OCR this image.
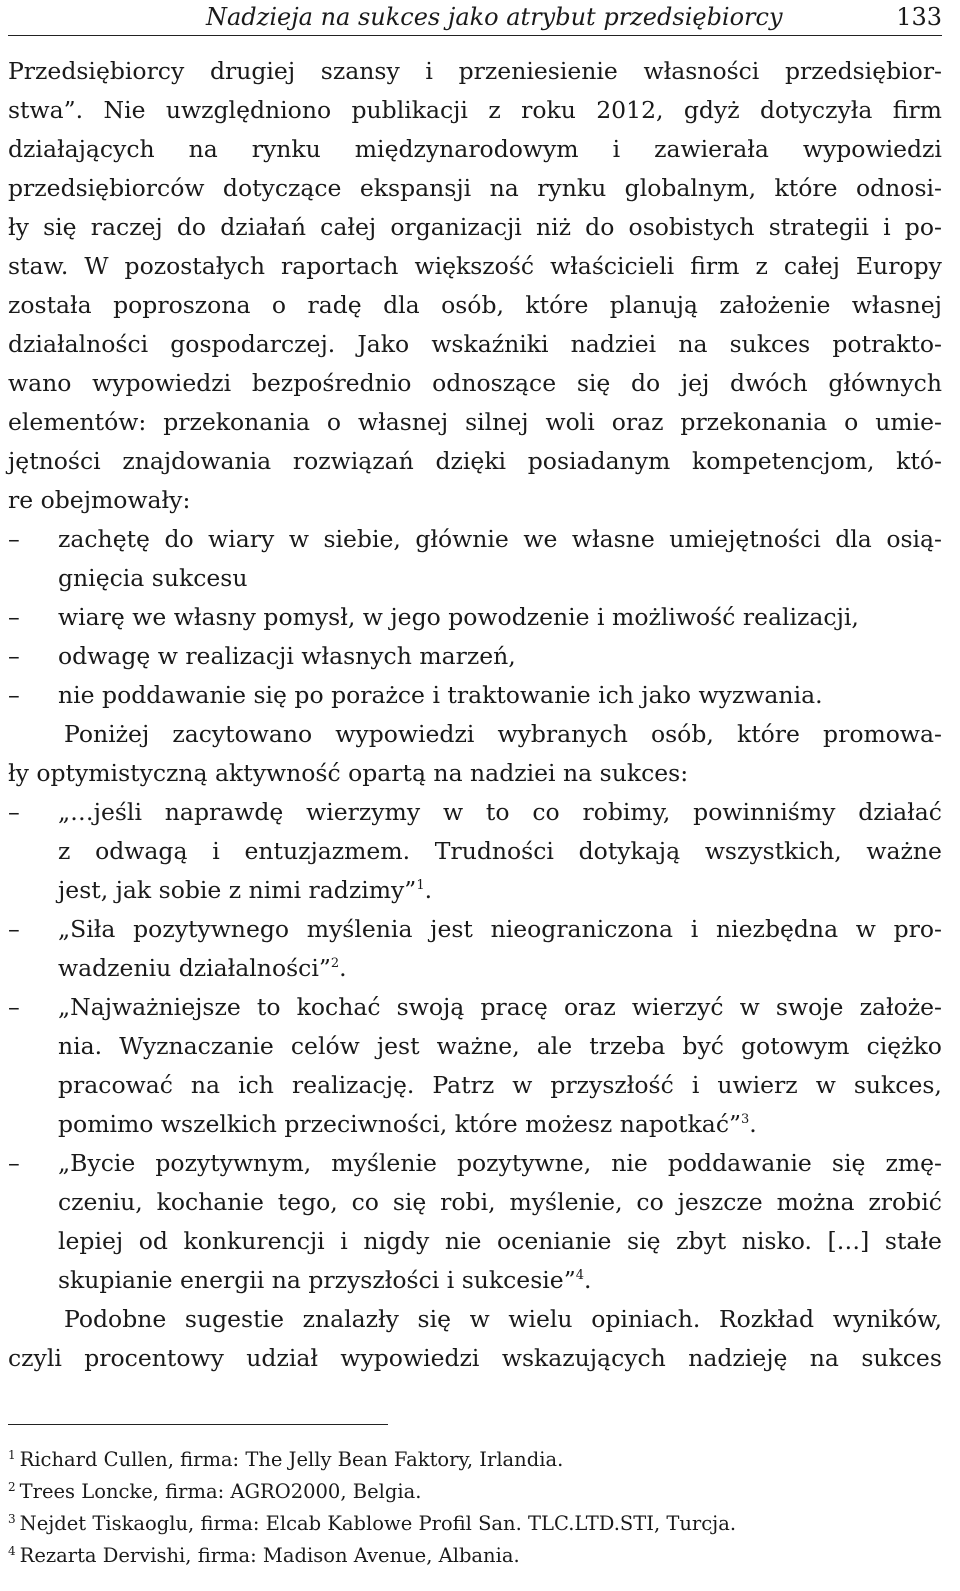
Nadzieja na sukces jako atrybut przedsiębiorcy	133
Przedsiębiorcy drugiej szansy i przeniesienie własności przedsiębior-
stwa”. Nie uwzględniono publikacji z roku 2012, gdyż dotyczyła firm
działających na rynku międzynarodowym i zawierała wypowiedzi
przedsiębiorców dotyczące ekspansji na rynku globalnym, które odnosi-
ły się raczej do działań całej organizacji niż do osobistych strategii i po-
staw. W pozostałych raportach większość właścicieli firm z całej Europy
została poproszona o radę dla osób, które planują założenie własnej
działalności gospodarczej. Jako wskaźniki nadziei na sukces potrakto-
wano wypowiedzi bezpośrednio odnoszące się do jej dwóch głównych
elementów: przekonania o własnej silnej woli oraz przekonania o umie-
jętności znajdowania rozwiązań dzięki posiadanym kompetencjom, któ-
re obejmowały:
–	zachętę do wiary w siebie, głównie we własne umiejętności dla osią-
gnięcia sukcesu
–	wiarę we własny pomysł, w jego powodzenie i możliwość realizacji,
–	odwagę w realizacji własnych marzeń,
–	nie poddawanie się po porażce i traktowanie ich jako wyzwania.
Poniżej zacytowano wypowiedzi wybranych osób, które promowa-
ły optymistyczną aktywność opartą na nadziei na sukces:
–	„…jeśli naprawdę wierzymy w to co robimy, powinniśmy działać
z odwagą i entuzjazmem. Trudności dotykają wszystkich, ważne
jest, jak sobie z nimi radzimy”1.
–	„Siła pozytywnego myślenia jest nieograniczona i niezbędna w pro-
wadzeniu działalności”2.
–	„Najważniejsze to kochać swoją pracę oraz wierzyć w swoje założe-
nia. Wyznaczanie celów jest ważne, ale trzeba być gotowym ciężko
pracować na ich realizację. Patrz w przyszłość i uwierz w sukces,
pomimo wszelkich przeciwności, które możesz napotkać”3.
–	„Bycie pozytywnym, myślenie pozytywne, nie poddawanie się zmę-
czeniu, kochanie tego, co się robi, myślenie, co jeszcze można zrobić
lepiej od konkurencji i nigdy nie ocenianie się zbyt nisko. […] stałe
skupianie energii na przyszłości i sukcesie”4.
Podobne sugestie znalazły się w wielu opiniach. Rozkład wyników,
czyli procentowy udział wypowiedzi wskazujących nadzieję na sukces
$^1$ Richard Cullen, firma: The Jelly Bean Faktory, Irlandia.
$^2$ Trees Loncke, firma: AGRO2000, Belgia.
$^3$ Nejdet Tiskaoglu, firma: Elcab Kablowe Profil San. TLC.LTD.STI, Turcja.
$^4$ Rezarta Dervishi, firma: Madison Avenue, Albania.
